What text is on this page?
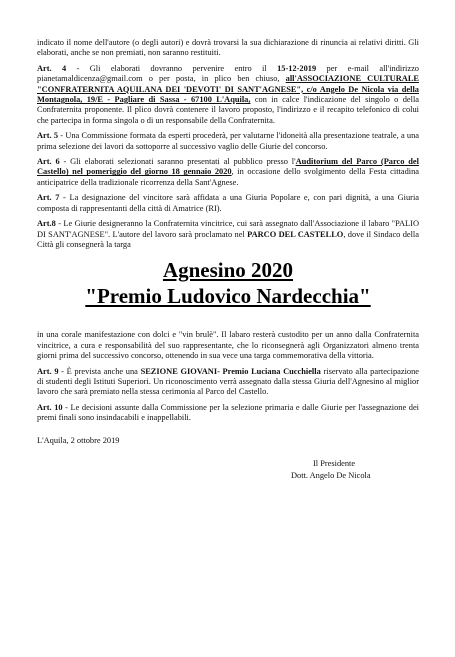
indicato il nome dell'autore (o degli autori) e dovrà trovarsi la sua dichiarazione di rinuncia ai relativi diritti. Gli elaborati, anche se non premiati, non saranno restituiti.

Art. 4 - Gli elaborati dovranno pervenire entro il 15-12-2019 per e-mail all'indirizzo pianetamaldicenza@gmail.com o per posta, in plico ben chiuso, all'ASSOCIAZIONE CULTURALE "CONFRATERNITA AQUILANA DEI 'DEVOTI' DI SANT'AGNESE", c/o Angelo De Nicola via della Montagnola, 19/E - Pagliare di Sassa - 67100 L'Aquila, con in calce l'indicazione del singolo o della Confraternita proponente. Il plico dovrà contenere il lavoro proposto, l'indirizzo e il recapito telefonico di colui che partecipa in forma singola o di un responsabile della Confraternita.

Art. 5 - Una Commissione formata da esperti procederà, per valutarne l'idoneità alla presentazione teatrale, a una prima selezione dei lavori da sottoporre al successivo vaglio delle Giurie del concorso.

Art. 6 - Gli elaborati selezionati saranno presentati al pubblico presso l'Auditorium del Parco (Parco del Castello) nel pomeriggio del giorno 18 gennaio 2020, in occasione dello svolgimento della Festa cittadina anticipatrice della tradizionale ricorrenza della Sant'Agnese.

Art. 7 - La designazione del vincitore sarà affidata a una Giuria Popolare e, con pari dignità, a una Giuria composta di rappresentanti della città di Amatrice (RI).

Art.8 - Le Giurie designeranno la Confraternita vincitrice, cui sarà assegnato dall'Associazione il labaro "PALIO DI SANT'AGNESE". L'autore del lavoro sarà proclamato nel PARCO DEL CASTELLO, dove il Sindaco della Città gli consegnerà la targa

Agnesino 2020
"Premio Ludovico Nardecchia"

in una corale manifestazione con dolci e "vin brulè". Il labaro resterà custodito per un anno dalla Confraternita vincitrice, a cura e responsabilità del suo rappresentante, che lo riconsegnerà agli Organizzatori almeno trenta giorni prima del successivo concorso, ottenendo in sua vece una targa commemorativa della vittoria.

Art. 9 - È prevista anche una SEZIONE GIOVANI- Premio Luciana Cucchiella riservato alla partecipazione di studenti degli Istituti Superiori. Un riconoscimento verrà assegnato dalla stessa Giuria dell'Agnesino al miglior lavoro che sarà premiato nella stessa cerimonia al Parco del Castello.

Art. 10 - Le decisioni assunte dalla Commissione per la selezione primaria e dalle Giurie per l'assegnazione dei premi finali sono insindacabili e inappellabili.

L'Aquila, 2 ottobre 2019
Il Presidente
Dott. Angelo De Nicola
